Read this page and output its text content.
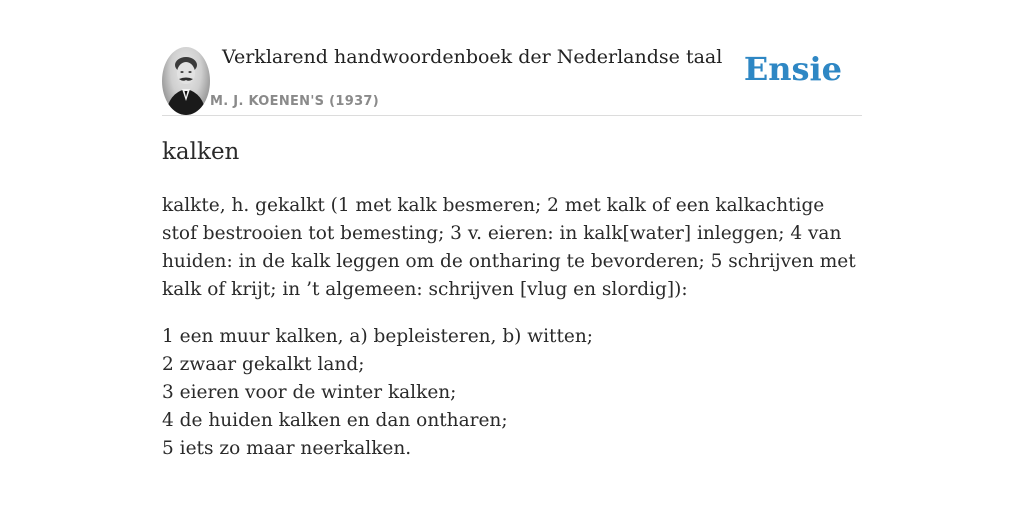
Verklarend handwoordenboek der Nederlandse taal
M. J. KOENEN'S (1937)
Ensie
kalken

kalkte, h. gekalkt (1 met kalk besmeren; 2 met kalk of een kalkachtige stof bestrooien tot bemesting; 3 v. eieren: in kalk[water] inleggen; 4 van huiden: in de kalk leggen om de ontharing te bevorderen; 5 schrijven met kalk of krijt; in ’t algemeen: schrijven [vlug en slordig]):

1 een muur kalken, a) bepleisteren, b) witten;
2 zwaar gekalkt land;
3 eieren voor de winter kalken;
4 de huiden kalken en dan ontharen;
5 iets zo maar neerkalken.
